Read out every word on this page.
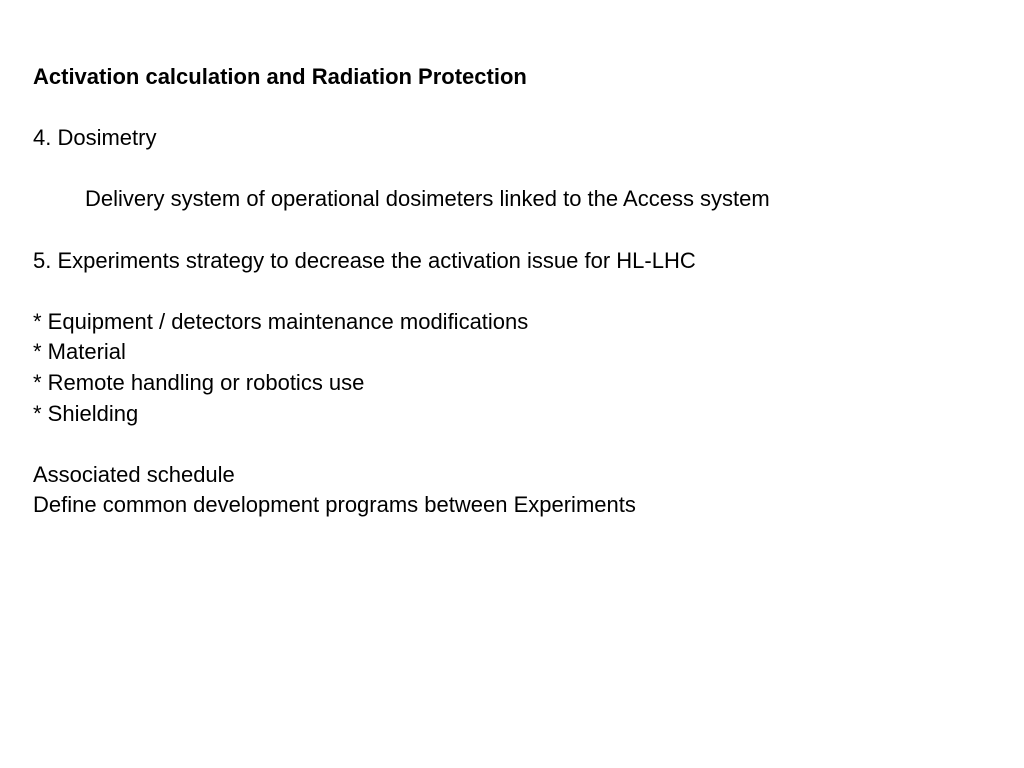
Activation calculation and Radiation Protection
4. Dosimetry
Delivery system of operational dosimeters linked to the Access system
5. Experiments strategy to decrease the activation issue for HL-LHC
* Equipment / detectors maintenance modifications
* Material
* Remote handling or robotics use
* Shielding
Associated schedule
Define common development programs between Experiments
